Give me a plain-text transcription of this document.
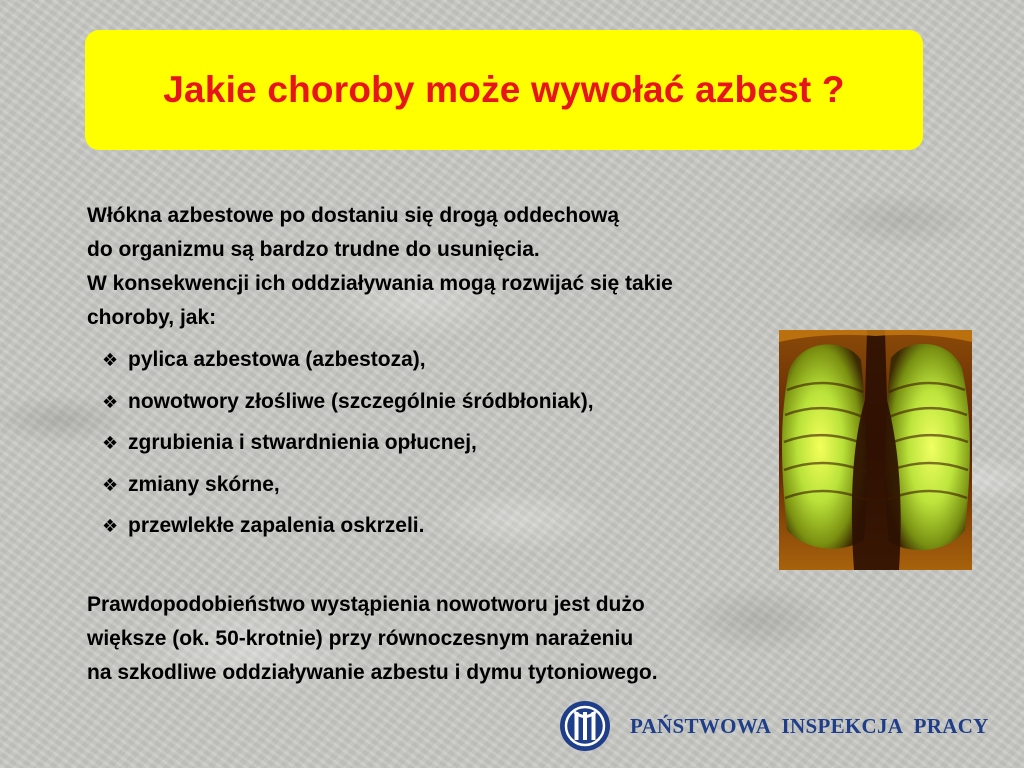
Jakie choroby może wywołać azbest ?
Włókna azbestowe po dostaniu się drogą oddechową
do organizmu są bardzo trudne do usunięcia.
W konsekwencji ich oddziaływania mogą rozwijać się takie
choroby, jak:
❖ pylica azbestowa (azbestoza),
❖ nowotwory złośliwe (szczególnie śródbłoniak),
❖ zgrubienia i stwardnienia opłucnej,
❖ zmiany skórne,
❖ przewlekłe zapalenia oskrzeli.
Prawdopodobieństwo wystąpienia nowotworu jest dużo
większe (ok. 50-krotnie) przy równoczesnym narażeniu
na szkodliwe oddziaływanie azbestu i dymu tytoniowego.
PAŃSTWOWA INSPEKCJA PRACY
